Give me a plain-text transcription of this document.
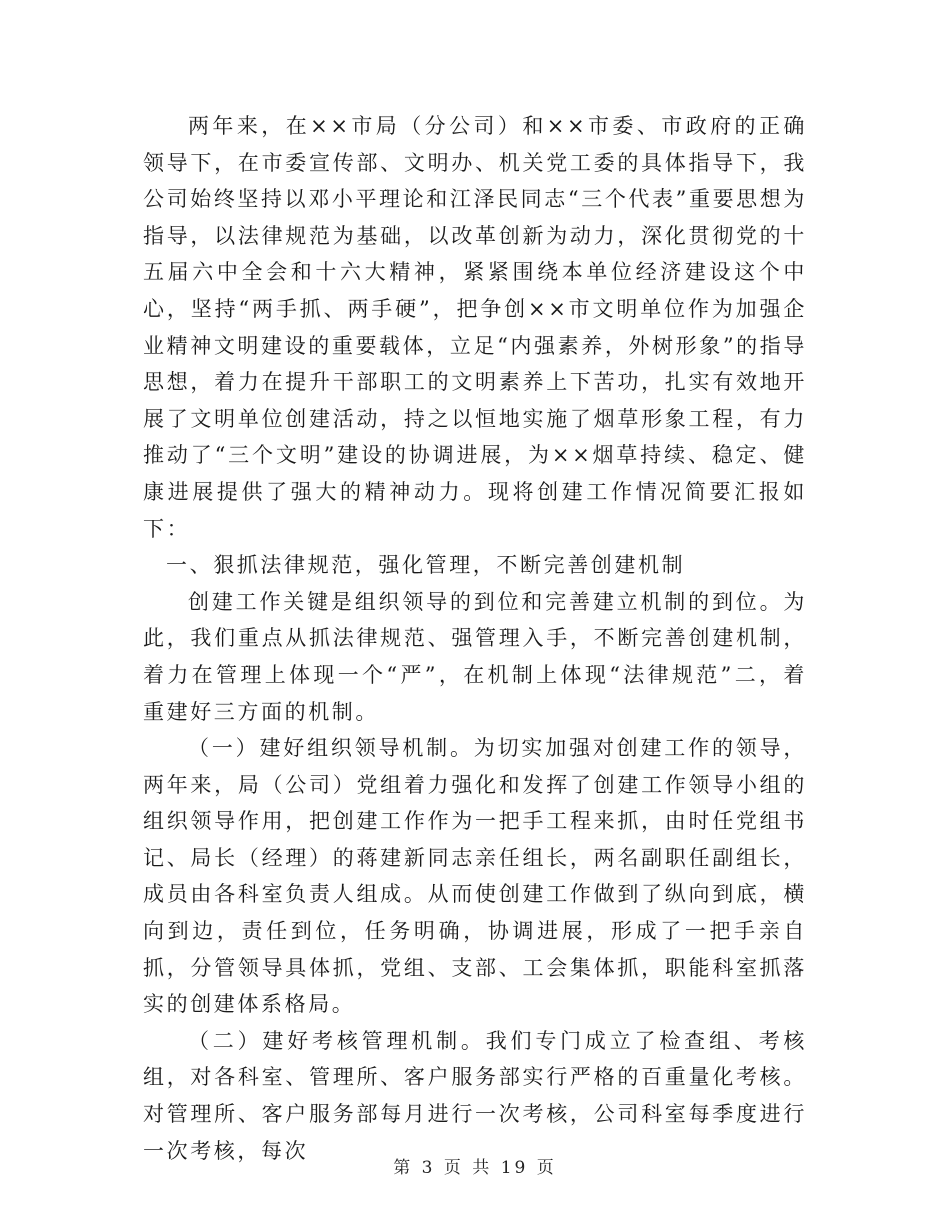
两年来，在××市局（分公司）和××市委、市政府的正确领导下，在市委宣传部、文明办、机关党工委的具体指导下，我公司始终坚持以邓小平理论和江泽民同志“三个代表”重要思想为指导，以法律规范为基础，以改革创新为动力，深化贯彻党的十五届六中全会和十六大精神，紧紧围绕本单位经济建设这个中心，坚持“两手抓、两手硬”，把争创××市文明单位作为加强企业精神文明建设的重要载体，立足“内强素养，外树形象”的指导思想，着力在提升干部职工的文明素养上下苦功，扎实有效地开展了文明单位创建活动，持之以恒地实施了烟草形象工程，有力推动了“三个文明”建设的协调进展，为××烟草持续、稳定、健康进展提供了强大的精神动力。现将创建工作情况简要汇报如下：

一、狠抓法律规范，强化管理，不断完善创建机制

创建工作关键是组织领导的到位和完善建立机制的到位。为此，我们重点从抓法律规范、强管理入手，不断完善创建机制，着力在管理上体现一个“严”，在机制上体现“法律规范”二，着重建好三方面的机制。

（一）建好组织领导机制。为切实加强对创建工作的领导，两年来，局（公司）党组着力强化和发挥了创建工作领导小组的组织领导作用，把创建工作作为一把手工程来抓，由时任党组书记、局长（经理）的蒋建新同志亲任组长，两名副职任副组长，成员由各科室负责人组成。从而使创建工作做到了纵向到底，横向到边，责任到位，任务明确，协调进展，形成了一把手亲自抓，分管领导具体抓，党组、支部、工会集体抓，职能科室抓落实的创建体系格局。

（二）建好考核管理机制。我们专门成立了检查组、考核组，对各科室、管理所、客户服务部实行严格的百重量化考核。对管理所、客户服务部每月进行一次考核，公司科室每季度进行一次考核，每次

第 3 页 共 19 页
